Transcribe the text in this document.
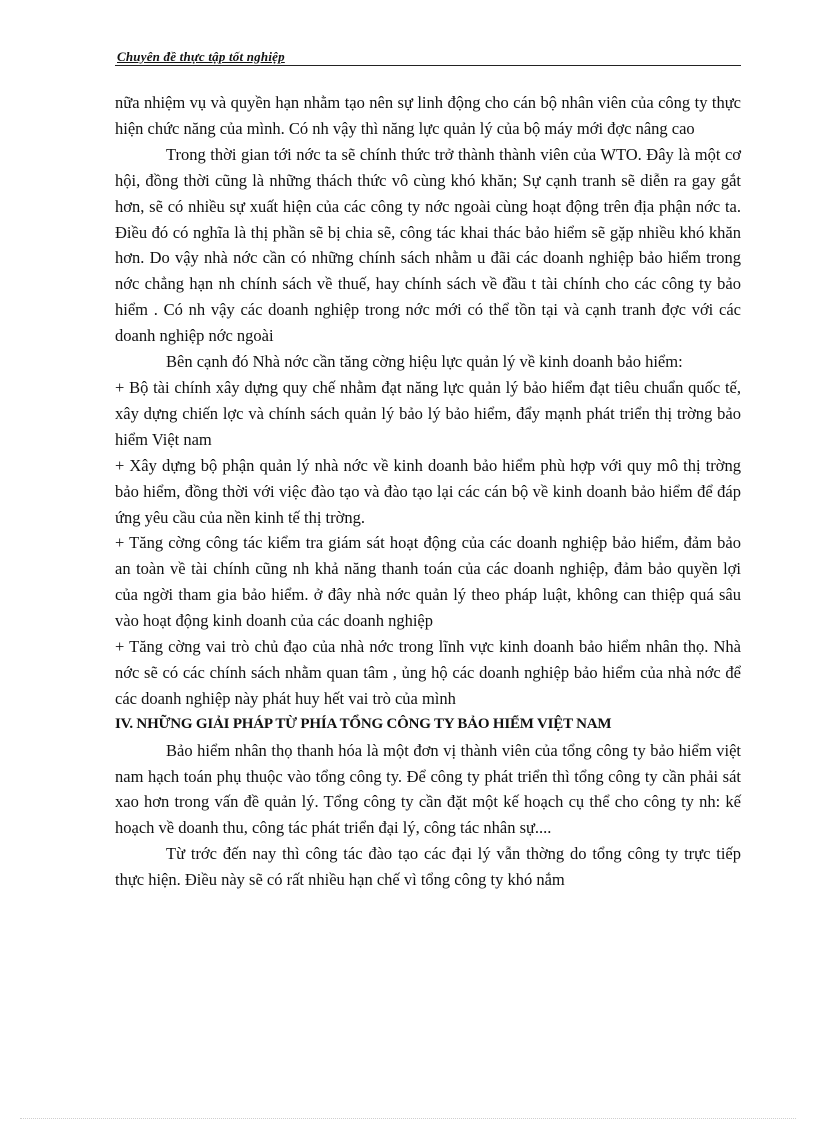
Chuyên đề thực tập tốt nghiệp

nữa nhiệm vụ và quyền hạn nhằm tạo nên sự linh động cho cán bộ nhân viên của công ty thực hiện chức năng của mình. Có nh vậy thì năng lực quản lý của bộ máy mới đợc nâng cao

Trong thời gian tới nớc ta sẽ chính thức trở thành thành viên của WTO. Đây là một cơ hội, đồng thời cũng là những thách thức vô cùng khó khăn; Sự cạnh tranh sẽ diễn ra gay gắt hơn, sẽ có nhiều sự xuất hiện của các công ty nớc ngoài cùng hoạt động trên địa phận nớc ta. Điều đó có nghĩa là thị phần sẽ bị chia sẽ, công tác khai thác bảo hiểm sẽ gặp nhiều khó khăn hơn. Do vậy nhà nớc cần có những chính sách nhằm u đãi các doanh nghiệp bảo hiểm trong nớc chẳng hạn nh chính sách về thuế, hay chính sách về đầu t tài chính cho các công ty bảo hiểm . Có nh vậy các doanh nghiệp trong nớc mới có thể tồn tại và cạnh tranh đợc với các doanh nghiệp nớc ngoài

Bên cạnh đó Nhà nớc cần tăng cờng hiệu lực quản lý về kinh doanh bảo hiểm:

+ Bộ tài chính xây dựng quy chế nhằm đạt năng lực quản lý bảo hiểm đạt tiêu chuẩn quốc tế, xây dựng chiến lợc và chính sách quản lý bảo lý bảo hiểm, đẩy mạnh phát triển thị trờng bảo hiểm Việt nam

+ Xây dựng bộ phận quản lý nhà nớc về kinh doanh bảo hiểm phù hợp với quy mô thị trờng bảo hiểm, đồng thời với việc đào tạo và đào tạo lại các cán bộ về kinh doanh bảo hiểm để đáp ứng yêu cầu của nền kinh tế thị trờng.

+ Tăng cờng công tác kiểm tra giám sát hoạt động của các doanh nghiệp bảo hiểm, đảm bảo an toàn về tài chính cũng nh khả năng thanh toán của các doanh nghiệp, đảm bảo quyền lợi của ngời tham gia bảo hiểm. ở đây nhà nớc quản lý theo pháp luật, không can thiệp quá sâu vào hoạt động kinh doanh của các doanh nghiệp

+ Tăng cờng vai trò chủ đạo của nhà nớc trong lĩnh vực kinh doanh bảo hiểm nhân thọ. Nhà nớc sẽ có các chính sách nhằm quan tâm , ủng hộ các doanh nghiệp bảo hiểm của nhà nớc để các doanh nghiệp này phát huy hết vai trò của mình

IV. NHỮNG GIẢI PHÁP TỪ PHÍA TỔNG CÔNG TY BẢO HIỂM VIỆT NAM

Bảo hiểm nhân thọ thanh hóa là một đơn vị thành viên của tổng công ty bảo hiểm việt nam hạch toán phụ thuộc vào tổng công ty. Để công ty phát triển thì tổng công ty cần phải sát xao hơn trong vấn đề quản lý. Tổng công ty cần đặt một kế hoạch cụ thể cho công ty nh: kế hoạch về doanh thu, công tác phát triển đại lý, công tác nhân sự....

Từ trớc đến nay thì công tác đào tạo các đại lý vẫn thờng do tổng công ty trực tiếp thực hiện. Điều này sẽ có rất nhiều hạn chế vì tổng công ty khó nắm
